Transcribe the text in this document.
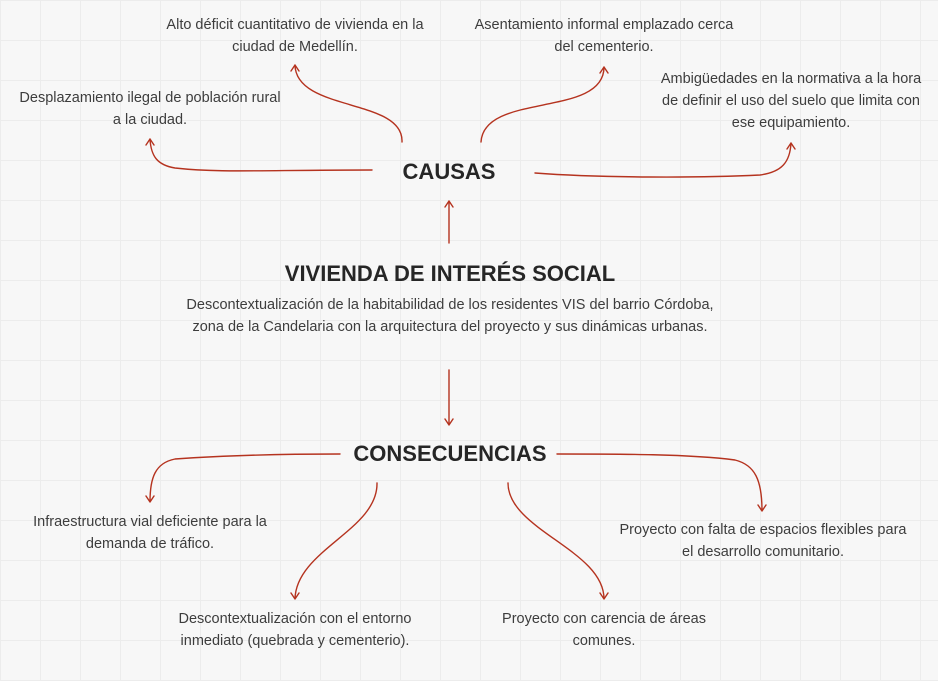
CAUSAS
Alto déficit cuantitativo de vivienda en la ciudad de Medellín.
Asentamiento informal emplazado cerca del cementerio.
Desplazamiento ilegal de población rural a la ciudad.
Ambigüedades en la normativa a la hora de definir el uso del suelo que limita con ese equipamiento.
VIVIENDA DE INTERÉS SOCIAL
Descontextualización de la habitabilidad de los residentes VIS del barrio Córdoba, zona de la Candelaria con la arquitectura del proyecto y sus dinámicas urbanas.
CONSECUENCIAS
Infraestructura vial deficiente para la demanda de tráfico.
Proyecto con falta de espacios flexibles para el desarrollo comunitario.
Descontextualización con el entorno inmediato (quebrada y cementerio).
Proyecto con carencia de áreas comunes.
